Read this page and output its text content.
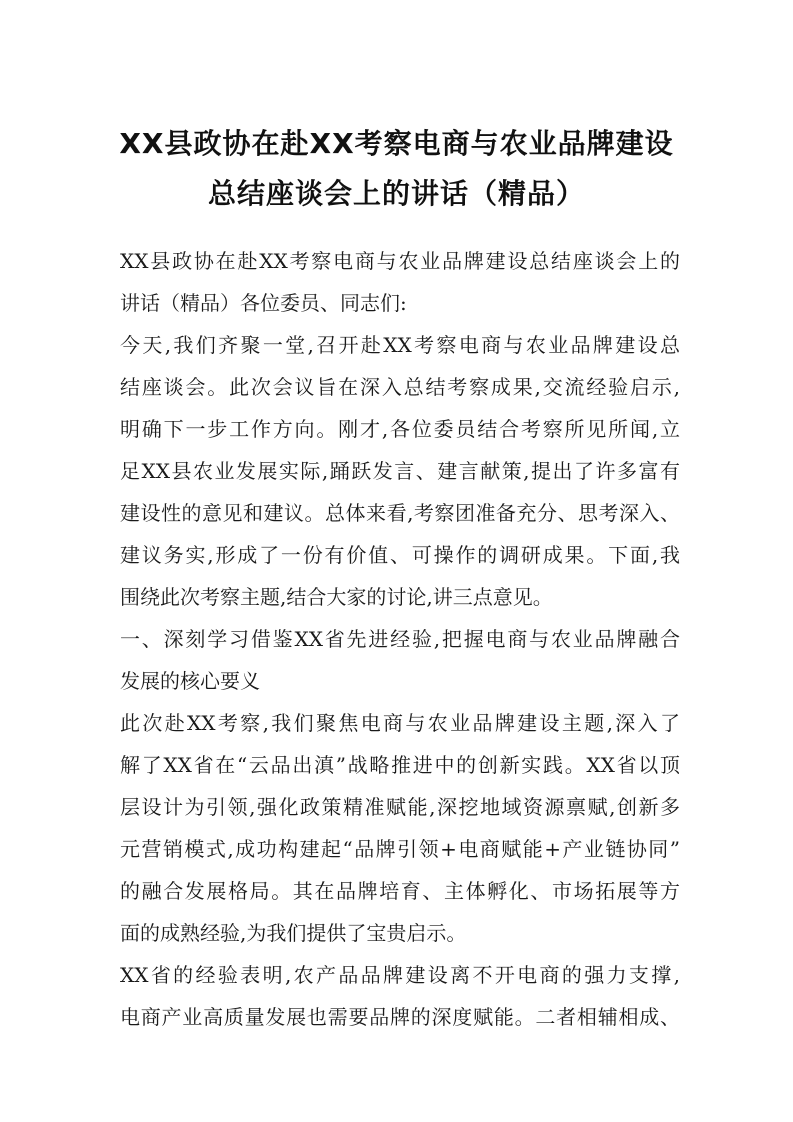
XX县政协在赴XX考察电商与农业品牌建设
总结座谈会上的讲话（精品）
XX县政协在赴XX考察电商与农业品牌建设总结座谈会上的
讲话（精品）各位委员、同志们:
今天,我们齐聚一堂,召开赴XX考察电商与农业品牌建设总
结座谈会。此次会议旨在深入总结考察成果,交流经验启示,
明确下一步工作方向。刚才,各位委员结合考察所见所闻,立
足XX县农业发展实际,踊跃发言、建言献策,提出了许多富有
建设性的意见和建议。总体来看,考察团准备充分、思考深入、
建议务实,形成了一份有价值、可操作的调研成果。下面,我
围绕此次考察主题,结合大家的讨论,讲三点意见。
一、深刻学习借鉴XX省先进经验,把握电商与农业品牌融合
发展的核心要义
此次赴XX考察,我们聚焦电商与农业品牌建设主题,深入了
解了XX省在“云品出滇”战略推进中的创新实践。XX省以顶
层设计为引领,强化政策精准赋能,深挖地域资源禀赋,创新多
元营销模式,成功构建起“品牌引领+电商赋能+产业链协同”
的融合发展格局。其在品牌培育、主体孵化、市场拓展等方
面的成熟经验,为我们提供了宝贵启示。
XX省的经验表明,农产品品牌建设离不开电商的强力支撑,
电商产业高质量发展也需要品牌的深度赋能。二者相辅相成、
